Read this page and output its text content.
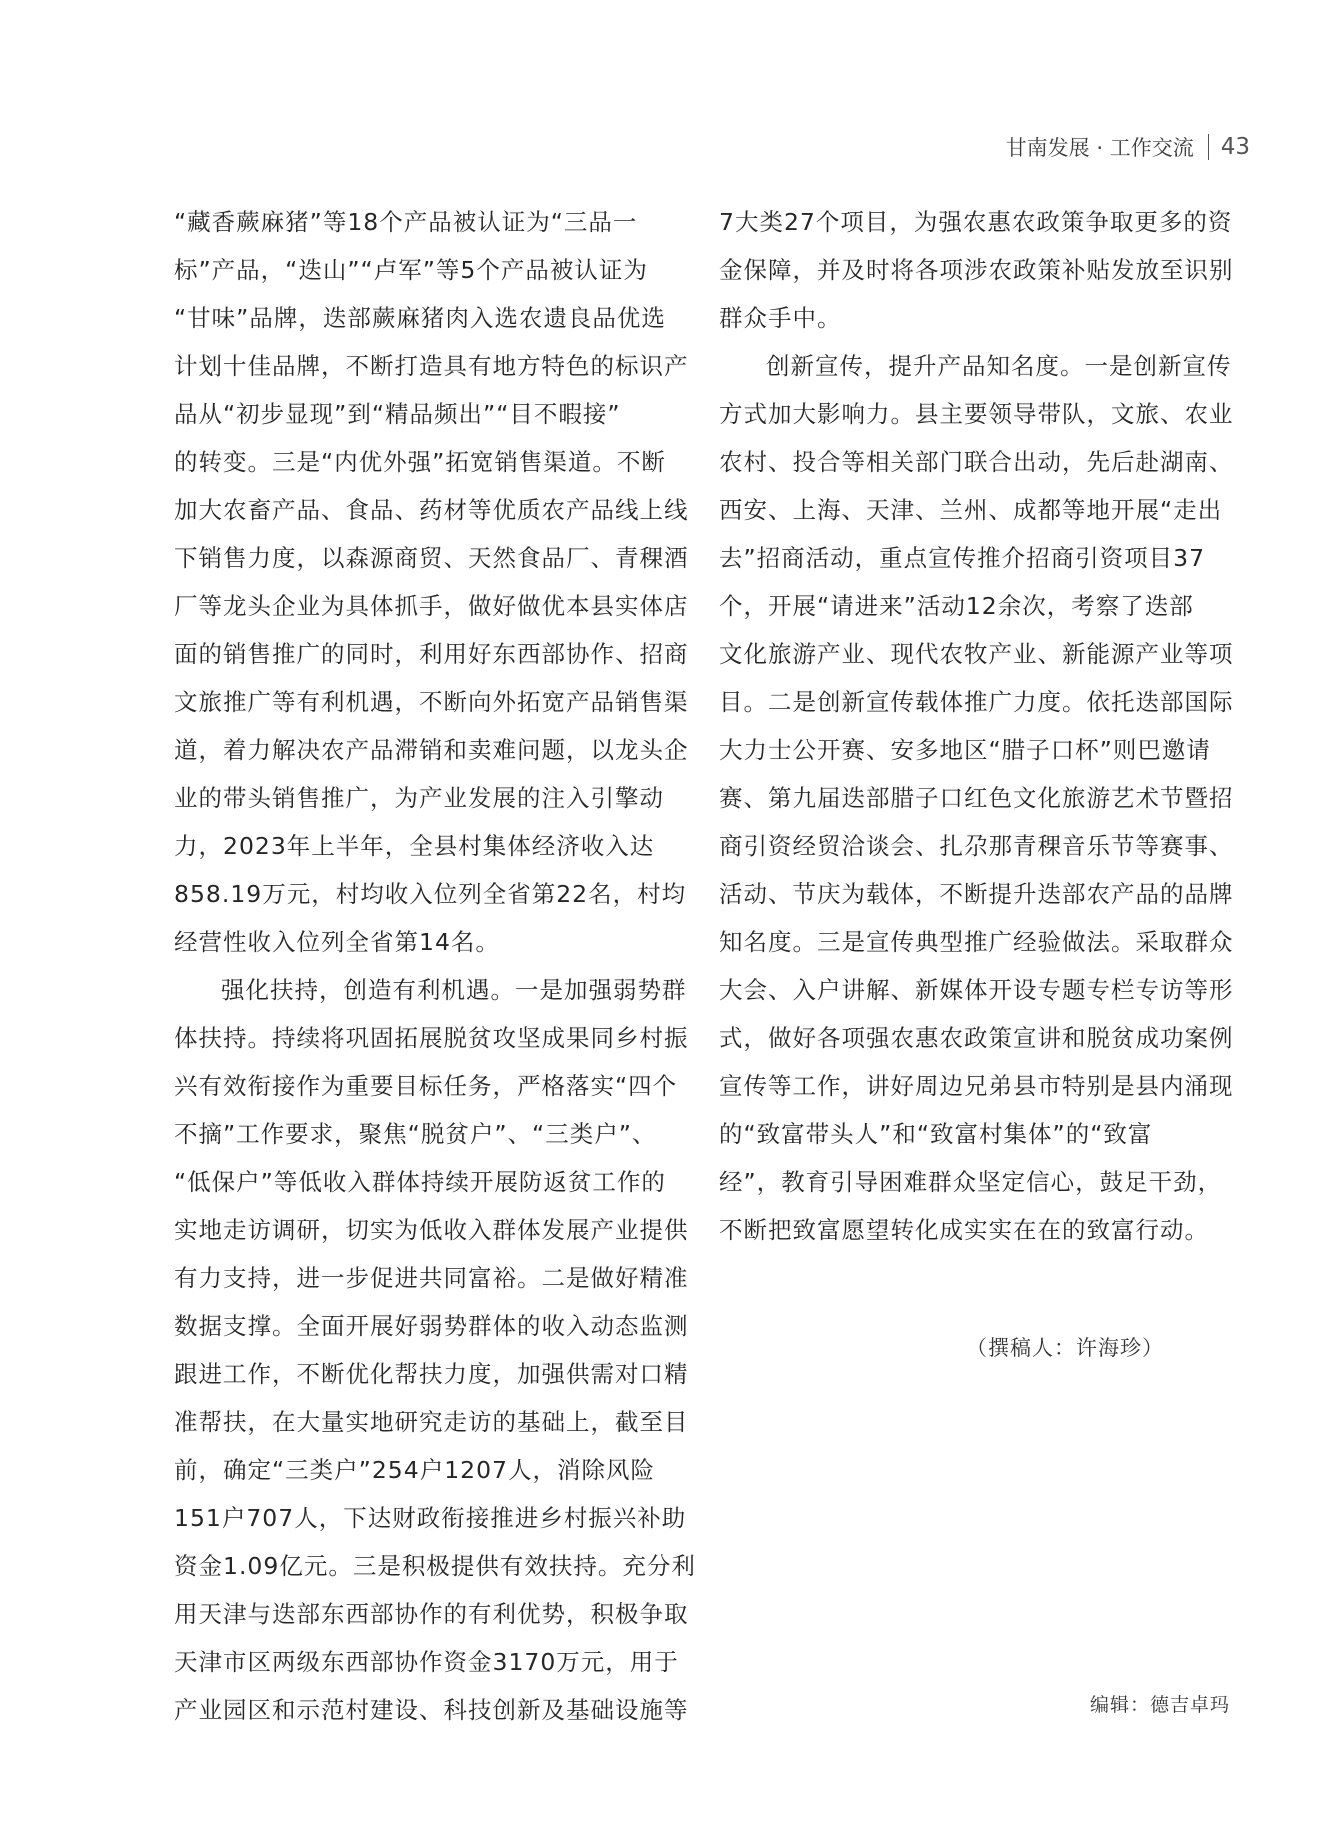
甘南发展 · 工作交流 43
“藏香蕨麻猪”等18个产品被认证为“三品一
标”产品，“迭山”“卢军”等5个产品被认证为
“甘味”品牌，迭部蕨麻猪肉入选农遗良品优选
计划十佳品牌，不断打造具有地方特色的标识产
品从“初步显现”到“精品频出”“目不暇接”
的转变。三是“内优外强”拓宽销售渠道。不断
加大农畜产品、食品、药材等优质农产品线上线
下销售力度，以森源商贸、天然食品厂、青稞酒
厂等龙头企业为具体抓手，做好做优本县实体店
面的销售推广的同时，利用好东西部协作、招商
文旅推广等有利机遇，不断向外拓宽产品销售渠
道，着力解决农产品滞销和卖难问题，以龙头企
业的带头销售推广，为产业发展的注入引擎动
力，2023年上半年，全县村集体经济收入达
858.19万元，村均收入位列全省第22名，村均
经营性收入位列全省第14名。
强化扶持，创造有利机遇。一是加强弱势群
体扶持。持续将巩固拓展脱贫攻坚成果同乡村振
兴有效衔接作为重要目标任务，严格落实“四个
不摘”工作要求，聚焦“脱贫户”、“三类户”、
“低保户”等低收入群体持续开展防返贫工作的
实地走访调研，切实为低收入群体发展产业提供
有力支持，进一步促进共同富裕。二是做好精准
数据支撑。全面开展好弱势群体的收入动态监测
跟进工作，不断优化帮扶力度，加强供需对口精
准帮扶，在大量实地研究走访的基础上，截至目
前，确定“三类户”254户1207人，消除风险
151户707人，下达财政衔接推进乡村振兴补助
资金1.09亿元。三是积极提供有效扶持。充分利
用天津与迭部东西部协作的有利优势，积极争取
天津市区两级东西部协作资金3170万元，用于
产业园区和示范村建设、科技创新及基础设施等
7大类27个项目，为强农惠农政策争取更多的资
金保障，并及时将各项涉农政策补贴发放至识别
群众手中。
创新宣传，提升产品知名度。一是创新宣传
方式加大影响力。县主要领导带队，文旅、农业
农村、投合等相关部门联合出动，先后赴湖南、
西安、上海、天津、兰州、成都等地开展“走出
去”招商活动，重点宣传推介招商引资项目37
个，开展“请进来”活动12余次，考察了迭部
文化旅游产业、现代农牧产业、新能源产业等项
目。二是创新宣传载体推广力度。依托迭部国际
大力士公开赛、安多地区“腊子口杯”则巴邀请
赛、第九届迭部腊子口红色文化旅游艺术节暨招
商引资经贸洽谈会、扎尕那青稞音乐节等赛事、
活动、节庆为载体，不断提升迭部农产品的品牌
知名度。三是宣传典型推广经验做法。采取群众
大会、入户讲解、新媒体开设专题专栏专访等形
式，做好各项强农惠农政策宣讲和脱贫成功案例
宣传等工作，讲好周边兄弟县市特别是县内涌现
的“致富带头人”和“致富村集体”的“致富
经”，教育引导困难群众坚定信心，鼓足干劲，
不断把致富愿望转化成实实在在的致富行动。
（撰稿人：许海珍）
编辑：德吉卓玛
